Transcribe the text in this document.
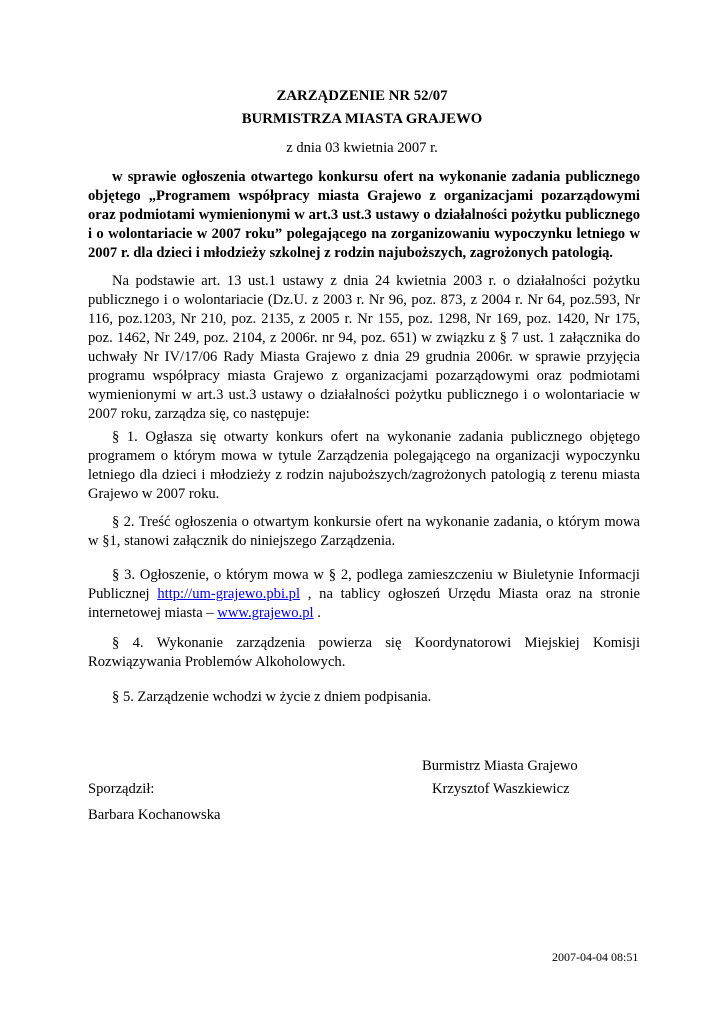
ZARZĄDZENIE NR 52/07
BURMISTRZA MIASTA GRAJEWO
z dnia 03 kwietnia 2007 r.
w sprawie ogłoszenia otwartego konkursu ofert na wykonanie zadania publicznego objętego „Programem współpracy miasta Grajewo z organizacjami pozarządowymi oraz podmiotami wymienionymi w art.3 ust.3 ustawy o działalności pożytku publicznego i o wolontariacie w 2007 roku” polegającego na zorganizowaniu wypoczynku letniego w 2007 r. dla dzieci i młodzieży szkolnej z rodzin najuboższych, zagrożonych patologią.
Na podstawie art. 13 ust.1 ustawy z dnia 24 kwietnia 2003 r. o działalności pożytku publicznego i o wolontariacie (Dz.U. z 2003 r. Nr 96, poz. 873, z 2004 r. Nr 64, poz.593, Nr 116, poz.1203, Nr 210, poz. 2135, z 2005 r. Nr 155, poz. 1298, Nr 169, poz. 1420, Nr 175, poz. 1462, Nr 249, poz. 2104, z 2006r. nr 94, poz. 651) w związku z § 7 ust. 1 załącznika do uchwały Nr IV/17/06 Rady Miasta Grajewo z dnia 29 grudnia 2006r. w sprawie przyjęcia programu współpracy miasta Grajewo z organizacjami pozarządowymi oraz podmiotami wymienionymi w art.3 ust.3 ustawy o działalności pożytku publicznego i o wolontariacie w 2007 roku, zarządza się, co następuje:
§ 1. Ogłasza się otwarty konkurs ofert na wykonanie zadania publicznego objętego programem o którym mowa w tytule Zarządzenia polegającego na organizacji wypoczynku letniego dla dzieci i młodzieży z rodzin najuboższych/zagrożonych patologią z terenu miasta Grajewo w 2007 roku.
§ 2. Treść ogłoszenia o otwartym konkursie ofert na wykonanie zadania, o którym mowa w §1, stanowi załącznik do niniejszego Zarządzenia.
§ 3. Ogłoszenie, o którym mowa w § 2, podlega zamieszczeniu w Biuletynie Informacji Publicznej http://um-grajewo.pbi.pl , na tablicy ogłoszeń Urzędu Miasta oraz na stronie internetowej miasta – www.grajewo.pl .
§ 4. Wykonanie zarządzenia powierza się Koordynatorowi Miejskiej Komisji Rozwiązywania Problemów Alkoholowych.
§ 5. Zarządzenie wchodzi w życie z dniem podpisania.
Burmistrz Miasta Grajewo
Krzysztof Waszkiewicz
Sporządził:
Barbara Kochanowska
2007-04-04 08:51
